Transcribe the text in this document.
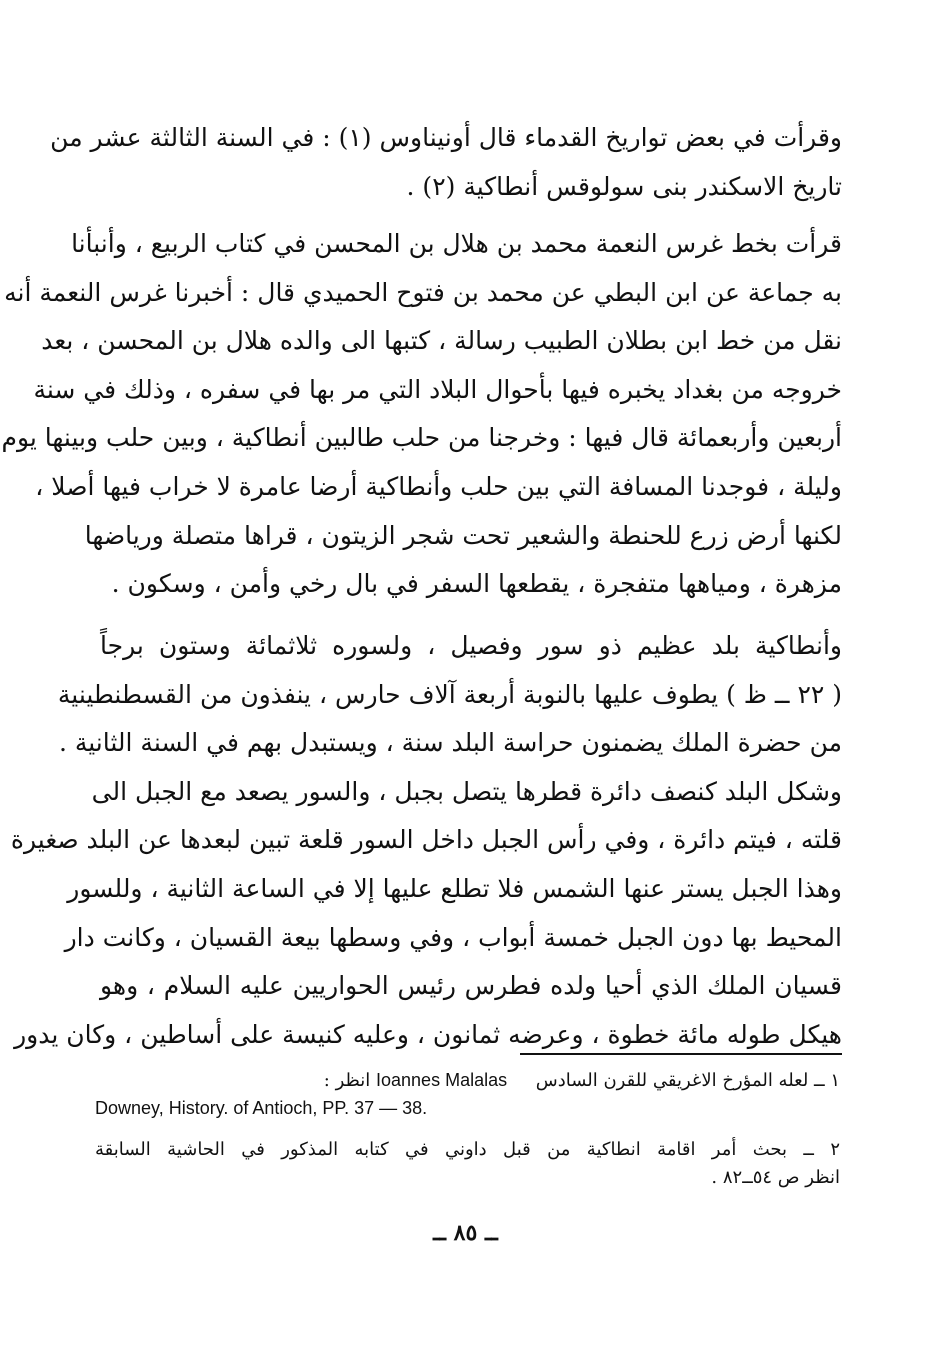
وقرأت في بعض تواريخ القدماء قال أونيناوس (١) : في السنة الثالثة عشر من
تاريخ الاسكندر بنى سولوقس أنطاكية (٢) .
قرأت بخط غرس النعمة محمد بن هلال بن المحسن في كتاب الربيع ، وأنبأنا
به جماعة عن ابن البطي عن محمد بن فتوح الحميدي قال : أخبرنا غرس النعمة أنه
نقل من خط ابن بطلان الطبيب رسالة ، كتبها الى والده هلال بن المحسن ، بعد
خروجه من بغداد يخبره فيها بأحوال البلاد التي مر بها في سفره ، وذلك في سنة
أربعين وأربعمائة قال فيها : وخرجنا من حلب طالبين أنطاكية ، وبين حلب وبينها يوم
وليلة ، فوجدنا المسافة التي بين حلب وأنطاكية أرضا عامرة لا خراب فيها أصلا ،
لكنها أرض زرع للحنطة والشعير تحت شجر الزيتون ، قراها متصلة ورياضها
مزهرة ، ومياهها متفجرة ، يقطعها السفر في بال رخي وأمن ، وسكون .
وأنطاكية بلد عظيم ذو سور وفصيل ، ولسوره ثلاثمائة وستون برجاً
( ٢٢ ــ ظ ) يطوف عليها بالنوبة أربعة آلاف حارس ، ينفذون من القسطنطينية
من حضرة الملك يضمنون حراسة البلد سنة ، ويستبدل بهم في السنة الثانية .
وشكل البلد كنصف دائرة قطرها يتصل بجبل ، والسور يصعد مع الجبل الى
قلته ، فيتم دائرة ، وفي رأس الجبل داخل السور قلعة تبين لبعدها عن البلد صغيرة
وهذا الجبل يستر عنها الشمس فلا تطلع عليها إلا في الساعة الثانية ، وللسور
المحيط بها دون الجبل خمسة أبواب ، وفي وسطها بيعة القسيان ، وكانت دار
قسيان الملك الذي أحيا ولده فطرس رئيس الحواريين عليه السلام ، وهو
هيكل طوله مائة خطوة ، وعرضه ثمانون ، وعليه كنيسة على أساطين ، وكان يدور
١ ــ لعله المؤرخ الاغريقي للقرن السادس     Ioannes Malalas انظر :
Downey, History. of Antioch, PP. 37 — 38.
٢ ــ بحث أمر اقامة انطاكية من قبل داوني في كتابه المذكور في الحاشية السابقة
انظر ص ٥٤ــ٨٢ .
ــ ٨٥ ــ
